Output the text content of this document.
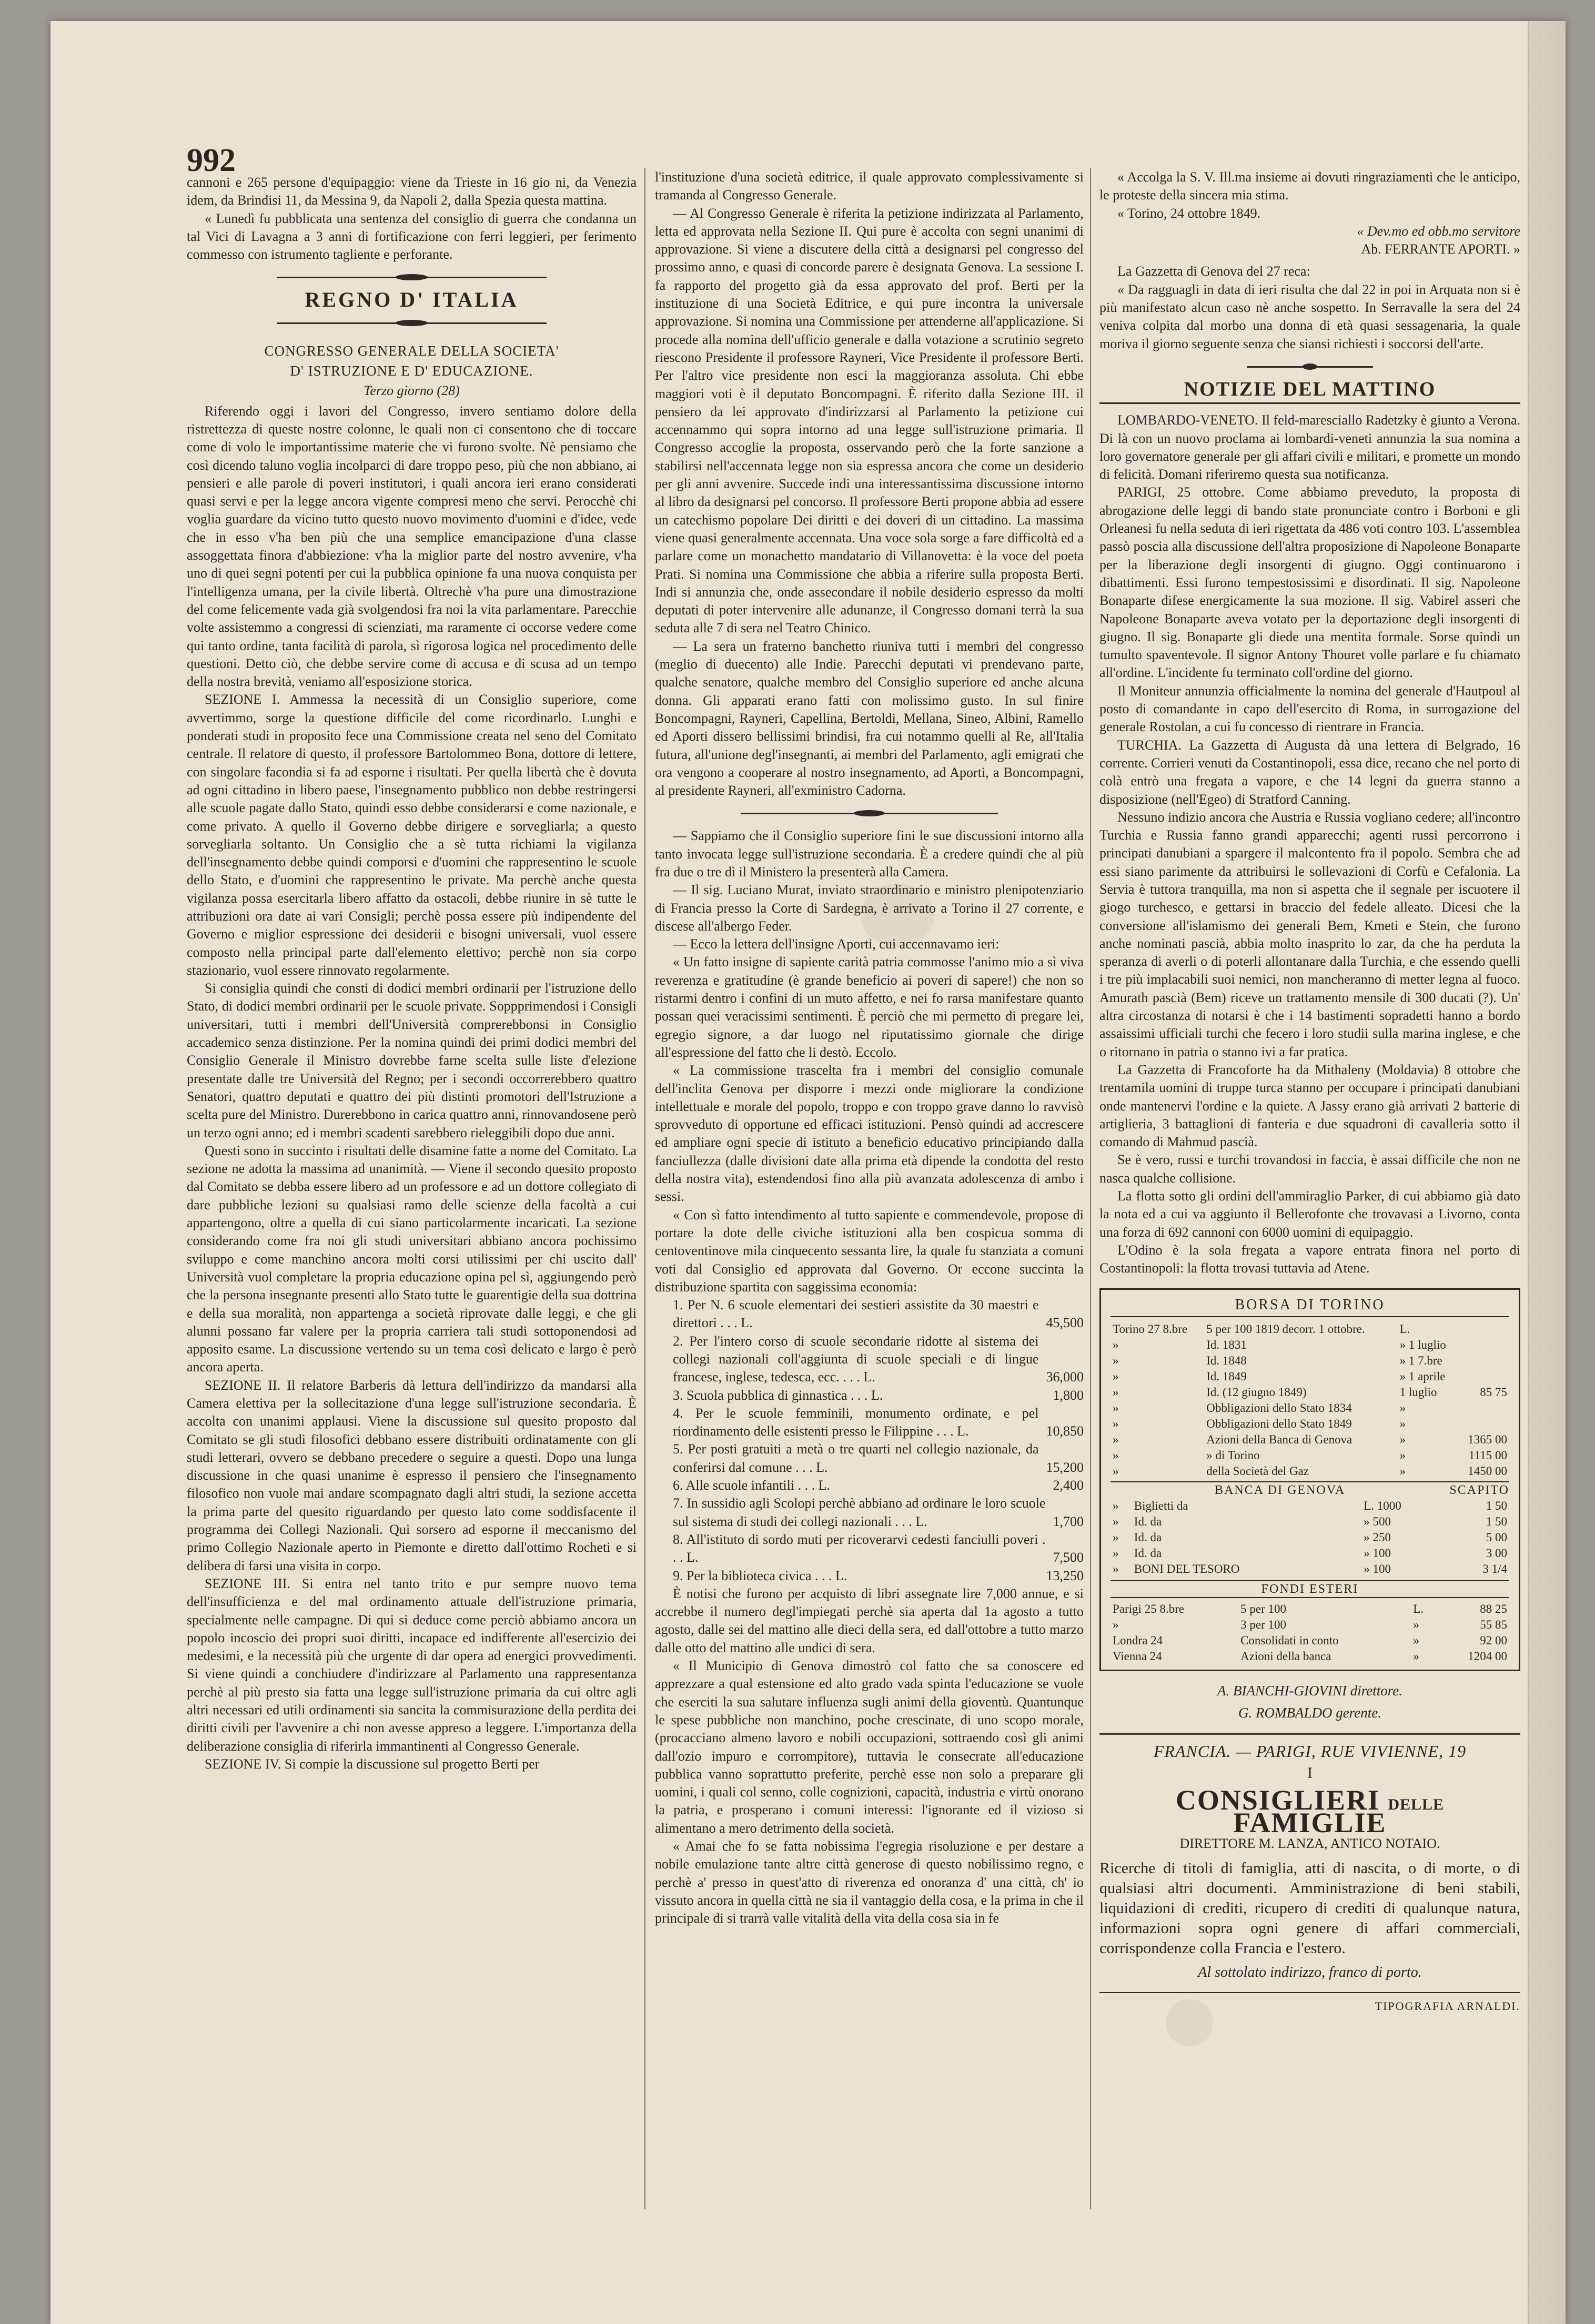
992

cannoni e 265 persone d'equipaggio: viene da Trieste in 16 gio ni, da Venezia idem, da Brindisi 11, da Messina 9, da Napoli 2, dalla Spezia questa mattina.

« Lunedì fu pubblicata una sentenza del consiglio di guerra che condanna un tal Vici di Lavagna a 3 anni di fortificazione con ferri leggieri, per ferimento commesso con istrumento tagliente e perforante.

REGNO D' ITALIA
CONGRESSO GENERALE DELLA SOCIETA'
D' ISTRUZIONE E D' EDUCAZIONE.

Terzo giorno (28)

Riferendo oggi i lavori del Congresso, invero sentiamo dolore della ristrettezza di queste nostre colonne, le quali non ci consentono che di toccare come di volo le importantissime materie che vi furono svolte. Nè pensiamo che così dicendo taluno voglia incolparci di dare troppo peso, più che non abbiano, ai pensieri e alle parole di poveri institutori, i quali ancora ieri erano considerati quasi servi e per la legge ancora vigente compresi meno che servi. Perocchè chi voglia guardare da vicino tutto questo nuovo movimento d'uomini e d'idee, vede che in esso v'ha ben più che una semplice emancipazione d'una classe assoggettata finora d'abbiezione: v'ha la miglior parte del nostro avvenire, v'ha uno di quei segni potenti per cui la pubblica opinione fa una nuova conquista per l'intelligenza umana, per la civile libertà. Oltrechè v'ha pure una dimostrazione del come felicemente vada già svolgendosi fra noi la vita parlamentare. Parecchie volte assistemmo a congressi di scienziati, ma raramente ci occorse vedere come qui tanto ordine, tanta facilità di parola, sì rigorosa logica nel procedimento delle questioni. Detto ciò, che debbe servire come di accusa e di scusa ad un tempo della nostra brevità, veniamo all'esposizione storica.

SEZIONE I. Ammessa la necessità di un Consiglio superiore, come avvertimmo, sorge la questione difficile del come ricordinarlo. Lunghi e ponderati studi in proposito fece una Commissione creata nel seno del Comitato centrale. Il relatore di questo, il professore Bartolommeo Bona, dottore di lettere, con singolare facondia si fa ad esporne i risultati. Per quella libertà che è dovuta ad ogni cittadino in libero paese, l'insegnamento pubblico non debbe restringersi alle scuole pagate dallo Stato, quindi esso debbe considerarsi e come nazionale, e come privato. A quello il Governo debbe dirigere e sorvegliarla; a questo sorvegliarla soltanto. Un Consiglio che a sè tutta richiami la vigilanza dell'insegnamento debbe quindi comporsi e d'uomini che rappresentino le scuole dello Stato, e d'uomini che rappresentino le private. Ma perchè anche questa vigilanza possa esercitarla libero affatto da ostacoli, debbe riunire in sè tutte le attribuzioni ora date ai vari Consigli; perchè possa essere più indipendente del Governo e miglior espressione dei desiderii e bisogni universali, vuol essere composto nella principal parte dall'elemento elettivo; perchè non sia corpo stazionario, vuol essere rinnovato regolarmente.

Si consiglia quindi che consti di dodici membri ordinarii per l'istruzione dello Stato, di dodici membri ordinarii per le scuole private. Soppprimendosi i Consigli universitari, tutti i membri dell'Università comprerebbonsi in Consiglio accademico senza distinzione. Per la nomina quindi dei primi dodici membri del Consiglio Generale il Ministro dovrebbe farne scelta sulle liste d'elezione presentate dalle tre Università del Regno; per i secondi occorrerebbero quattro Senatori, quattro deputati e quattro dei più distinti promotori dell'Istruzione a scelta pure del Ministro. Durerebbono in carica quattro anni, rinnovandosene però un terzo ogni anno; ed i membri scadenti sarebbero rieleggibili dopo due anni.

Questi sono in succinto i risultati delle disamine fatte a nome del Comitato. La sezione ne adotta la massima ad unanimità. — Viene il secondo quesito proposto dal Comitato se debba essere libero ad un professore e ad un dottore collegiato di dare pubbliche lezioni su qualsiasi ramo delle scienze della facoltà a cui appartengono, oltre a quella di cui siano particolarmente incaricati. La sezione considerando come fra noi gli studi universitari abbiano ancora pochissimo sviluppo e come manchino ancora molti corsi utilissimi per chi uscito dall' Università vuol completare la propria educazione opina pel sì, aggiungendo però che la persona insegnante presenti allo Stato tutte le guarentigie della sua dottrina e della sua moralità, non appartenga a società riprovate dalle leggi, e che gli alunni possano far valere per la propria carriera tali studi sottoponendosi ad apposito esame. La discussione vertendo su un tema così delicato e largo è però ancora aperta.

SEZIONE II. Il relatore Barberis dà lettura dell'indirizzo da mandarsi alla Camera elettiva per la sollecitazione d'una legge sull'istruzione secondaria. È accolta con unanimi applausi. Viene la discussione sul quesito proposto dal Comitato se gli studi filosofici debbano essere distribuiti ordinatamente con gli studi letterari, ovvero se debbano precedere o seguire a questi. Dopo una lunga discussione in che quasi unanime è espresso il pensiero che l'insegnamento filosofico non vuole mai andare scompagnato dagli altri studi, la sezione accetta la prima parte del quesito riguardando per questo lato come soddisfacente il programma dei Collegi Nazionali. Qui sorsero ad esporne il meccanismo del primo Collegio Nazionale aperto in Piemonte e diretto dall'ottimo Rocheti e si delibera di farsi una visita in corpo.

SEZIONE III. Si entra nel tanto trito e pur sempre nuovo tema dell'insufficienza e del mal ordinamento attuale dell'istruzione primaria, specialmente nelle campagne. Di qui si deduce come perciò abbiamo ancora un popolo incoscio dei propri suoi diritti, incapace ed indifferente all'esercizio dei medesimi, e la necessità più che urgente di dar opera ad energici provvedimenti. Si viene quindi a conchiudere d'indirizzare al Parlamento una rappresentanza perchè al più presto sia fatta una legge sull'istruzione primaria da cui oltre agli altri necessari ed utili ordinamenti sia sancita la commisurazione della perdita dei diritti civili per l'avvenire a chi non avesse appreso a leggere. L'importanza della deliberazione consiglia di riferirla immantinenti al Congresso Generale.

SEZIONE IV. Si compie la discussione sul progetto Berti per

l'instituzione d'una società editrice, il quale approvato complessivamente si tramanda al Congresso Generale.

— Al Congresso Generale è riferita la petizione indirizzata al Parlamento, letta ed approvata nella Sezione II. Qui pure è accolta con segni unanimi di approvazione. Si viene a discutere della città a designarsi pel congresso del prossimo anno, e quasi di concorde parere è designata Genova. La sessione I. fa rapporto del progetto già da essa approvato del prof. Berti per la instituzione di una Società Editrice, e qui pure incontra la universale approvazione. Si nomina una Commissione per attenderne all'applicazione. Si procede alla nomina dell'ufficio generale e dalla votazione a scrutinio segreto riescono Presidente il professore Rayneri, Vice Presidente il professore Berti. Per l'altro vice presidente non esci la maggioranza assoluta. Chi ebbe maggiori voti è il deputato Boncompagni. È riferito dalla Sezione III. il pensiero da lei approvato d'indirizzarsi al Parlamento la petizione cui accennammo qui sopra intorno ad una legge sull'istruzione primaria. Il Congresso accoglie la proposta, osservando però che la forte sanzione a stabilirsi nell'accennata legge non sia espressa ancora che come un desiderio per gli anni avvenire. Succede indi una interessantissima discussione intorno al libro da designarsi pel concorso. Il professore Berti propone abbia ad essere un catechismo popolare Dei diritti e dei doveri di un cittadino. La massima viene quasi generalmente accennata. Una voce sola sorge a fare difficoltà ed a parlare come un monachetto mandatario di Villanovetta: è la voce del poeta Prati. Si nomina una Commissione che abbia a riferire sulla proposta Berti. Indi si annunzia che, onde assecondare il nobile desiderio espresso da molti deputati di poter intervenire alle adunanze, il Congresso domani terrà la sua seduta alle 7 di sera nel Teatro Chinico.

— La sera un fraterno banchetto riuniva tutti i membri del congresso (meglio di duecento) alle Indie. Parecchi deputati vi prendevano parte, qualche senatore, qualche membro del Consiglio superiore ed anche alcuna donna. Gli apparati erano fatti con molissimo gusto. In sul finire Boncompagni, Rayneri, Capellina, Bertoldi, Mellana, Sineo, Albini, Ramello ed Aporti dissero bellissimi brindisi, fra cui notammo quelli al Re, all'Italia futura, all'unione degl'insegnanti, ai membri del Parlamento, agli emigrati che ora vengono a cooperare al nostro insegnamento, ad Aporti, a Boncompagni, al presidente Rayneri, all'exministro Cadorna.

— Sappiamo che il Consiglio superiore fini le sue discussioni intorno alla tanto invocata legge sull'istruzione secondaria. È a credere quindi che al più fra due o tre dì il Ministero la presenterà alla Camera.

— Il sig. Luciano Murat, inviato straordinario e ministro plenipotenziario di Francia presso la Corte di Sardegna, è arrivato a Torino il 27 corrente, e discese all'albergo Feder.

— Ecco la lettera dell'insigne Aporti, cui accennavamo ieri:

« Un fatto insigne di sapiente carità patria commosse l'animo mio a sì viva reverenza e gratitudine (è grande beneficio ai poveri di sapere!) che non so ristarmi dentro i confini di un muto affetto, e nei fo rarsa manifestare quanto possan quei veracissimi sentimenti. È perciò che mi permetto di pregare lei, egregio signore, a dar luogo nel riputatissimo giornale che dirige all'espressione del fatto che li destò. Eccolo.

« La commissione trascelta fra i membri del consiglio comunale dell'inclita Genova per disporre i mezzi onde migliorare la condizione intellettuale e morale del popolo, troppo e con troppo grave danno lo ravvisò sprovveduto di opportune ed efficaci istituzioni. Pensò quindi ad accrescere ed ampliare ogni specie di istituto a beneficio educativo principiando dalla fanciullezza (dalle divisioni date alla prima età dipende la condotta del resto della nostra vita), estendendosi fino alla più avanzata adolescenza di ambo i sessi.

« Con sì fatto intendimento al tutto sapiente e commendevole, propose di portare la dote delle civiche istituzioni alla ben cospicua somma di centoventinove mila cinquecento sessanta lire, la quale fu stanziata a comuni voti dal Consiglio ed approvata dal Governo. Or eccone succinta la distribuzione spartita con saggissima economia:

1. Per N. 6 scuole elementari dei sestieri assistite da 30 maestri e direttori . . . L.	45,500
2. Per l'intero corso di scuole secondarie ridotte al sistema dei collegi nazionali coll'aggiunta di scuole speciali e di lingue francese, inglese, tedesca, ecc. . . . L.	36,000
3. Scuola pubblica di ginnastica . . . L.	1,800
4. Per le scuole femminili, monumento ordinate, e pel riordinamento delle esistenti presso le Filippine . . . L.	10,850
5. Per posti gratuiti a metà o tre quarti nel collegio nazionale, da conferirsi dal comune . . . L.	15,200
6. Alle scuole infantili . . . L.	2,400
7. In sussidio agli Scolopi perchè abbiano ad ordinare le loro scuole sul sistema di studi dei collegi nazionali . . . L.	1,700
8. All'istituto di sordo muti per ricoverarvi cedesti fanciulli poveri . . . L.	7,500
9. Per la biblioteca civica . . . L.	13,250

È notisi che furono per acquisto di libri assegnate lire 7,000 annue, e si accrebbe il numero degl'impiegati perchè sia aperta dal 1a agosto a tutto agosto, dalle sei del mattino alle dieci della sera, ed dall'ottobre a tutto marzo dalle otto del mattino alle undici di sera.

« Il Municipio di Genova dimostrò col fatto che sa conoscere ed apprezzare a qual estensione ed alto grado vada spinta l'educazione se vuole che eserciti la sua salutare influenza sugli animi della gioventù. Quantunque le spese pubbliche non manchino, poche crescinate, di uno scopo morale, (procacciano almeno lavoro e nobili occupazioni, sottraendo così gli animi dall'ozio impuro e corrompitore), tuttavia le consecrate all'educazione pubblica vanno soprattutto preferite, perchè esse non solo a preparare gli uomini, i quali col senno, colle cognizioni, capacità, industria e virtù onorano la patria, e prosperano i comuni interessi: l'ignorante ed il vizioso si alimentano a mero detrimento della società.

« Amai che fo se fatta nobissima l'egregia risoluzione e per destare a nobile emulazione tante altre città generose di questo nobilissimo regno, e perchè a' presso in quest'atto di riverenza ed onoranza d' una città, ch' io vissuto ancora in quella città ne sia il vantaggio della cosa, e la prima in che il principale di si trarrà valle vitalità della vita della cosa sia in fe

« Accolga la S. V. Ill.ma insieme ai dovuti ringraziamenti che le anticipo, le proteste della sincera mia stima.

« Torino, 24 ottobre 1849.

« Dev.mo ed obb.mo servitore

Ab. FERRANTE APORTI. »

La Gazzetta di Genova del 27 reca:

« Da ragguagli in data di ieri risulta che dal 22 in poi in Arquata non si è più manifestato alcun caso nè anche sospetto. In Serravalle la sera del 24 veniva colpita dal morbo una donna di età quasi sessagenaria, la quale moriva il giorno seguente senza che siansi richiesti i soccorsi dell'arte.

NOTIZIE DEL MATTINO

LOMBARDO-VENETO. Il feld-maresciallo Radetzky è giunto a Verona. Di là con un nuovo proclama ai lombardi-veneti annunzia la sua nomina a loro governatore generale per gli affari civili e militari, e promette un mondo di felicità. Domani riferiremo questa sua notificanza.

PARIGI, 25 ottobre. Come abbiamo preveduto, la proposta di abrogazione delle leggi di bando state pronunciate contro i Borboni e gli Orleanesi fu nella seduta di ieri rigettata da 486 voti contro 103. L'assemblea passò poscia alla discussione dell'altra proposizione di Napoleone Bonaparte per la liberazione degli insorgenti di giugno. Oggi continuarono i dibattimenti. Essi furono tempestosissimi e disordinati. Il sig. Napoleone Bonaparte difese energicamente la sua mozione. Il sig. Vabirel asseri che Napoleone Bonaparte aveva votato per la deportazione degli insorgenti di giugno. Il sig. Bonaparte gli diede una mentita formale. Sorse quindi un tumulto spaventevole. Il signor Antony Thouret volle parlare e fu chiamato all'ordine. L'incidente fu terminato coll'ordine del giorno.

Il Moniteur annunzia officialmente la nomina del generale d'Hautpoul al posto di comandante in capo dell'esercito di Roma, in surrogazione del generale Rostolan, a cui fu concesso di rientrare in Francia.

TURCHIA. La Gazzetta di Augusta dà una lettera di Belgrado, 16 corrente. Corrieri venuti da Costantinopoli, essa dice, recano che nel porto di colà entrò una fregata a vapore, e che 14 legni da guerra stanno a disposizione (nell'Egeo) di Stratford Canning.

Nessuno indizio ancora che Austria e Russia vogliano cedere; all'incontro Turchia e Russia fanno grandi apparecchi; agenti russi percorrono i principati danubiani a spargere il malcontento fra il popolo. Sembra che ad essi siano parimente da attribuirsi le sollevazioni di Corfù e Cefalonia. La Servia è tuttora tranquilla, ma non si aspetta che il segnale per iscuotere il giogo turchesco, e gettarsi in braccio del fedele alleato. Dicesi che la conversione all'islamismo dei generali Bem, Kmeti e Stein, che furono anche nominati pascià, abbia molto inasprito lo zar, da che ha perduta la speranza di averli o di poterli allontanare dalla Turchia, e che essendo quelli i tre più implacabili suoi nemici, non mancheranno di metter legna al fuoco. Amurath pascià (Bem) riceve un trattamento mensile di 300 ducati (?). Un' altra circostanza di notarsi è che i 14 bastimenti sopradetti hanno a bordo assaissimi ufficiali turchi che fecero i loro studii sulla marina inglese, e che o ritornano in patria o stanno ivi a far pratica.

La Gazzetta di Francoforte ha da Mithaleny (Moldavia) 8 ottobre che trentamila uomini di truppe turca stanno per occupare i principati danubiani onde mantenervi l'ordine e la quiete. A Jassy erano già arrivati 2 batterie di artiglieria, 3 battaglioni di fanteria e due squadroni di cavalleria sotto il comando di Mahmud pascià.

Se è vero, russi e turchi trovandosi in faccia, è assai difficile che non ne nasca qualche collisione.

La flotta sotto gli ordini dell'ammiraglio Parker, di cui abbiamo già dato la nota ed a cui va aggiunto il Bellerofonte che trovavasi a Livorno, conta una forza di 692 cannoni con 6000 uomini di equipaggio.

L'Odino è la sola fregata a vapore entrata finora nel porto di Costantinopoli: la flotta trovasi tuttavia ad Atene.

BORSA DI TORINO
Torino 27 8.bre	5 per 100 1819 decorr. 1 ottobre.	L.	
»	Id. 1831	» 1 luglio	
»	Id. 1848	» 1 7.bre	
»	Id. 1849	» 1 aprile	
»	Id. (12 giugno 1849)	1 luglio	85 75
»	Obbligazioni dello Stato 1834	»	
»	Obbligazioni dello Stato 1849	»	
»	Azioni della Banca di Genova	»	1365 00
»	» di Torino	»	1115 00
»	della Società del Gaz	»	1450 00
BANCA DI GENOVA	SCAPITO
»	Biglietti da	L. 1000	1 50
»	Id. da	» 500	1 50
»	Id. da	» 250	5 00
»	Id. da	» 100	3 00
»	BONI DEL TESORO	» 100	3 1/4
FONDI ESTERI
Parigi 25 8.bre	5 per 100	L.	88 25
»	3 per 100	»	55 85
Londra 24	Consolidati in conto	»	92 00
Vienna 24	Azioni della banca	»	1204 00
A. BIANCHI-GIOVINI direttore.
G. ROMBALDO gerente.
FRANCIA. — PARIGI, RUE VIVIENNE, 19
I
CONSIGLIERI DELLE FAMIGLIE
DIRETTORE M. LANZA, ANTICO NOTAIO.
Ricerche di titoli di famiglia, atti di nascita, o di morte, o di qualsiasi altri documenti. Amministrazione di beni stabili, liquidazioni di crediti, ricupero di crediti di qualunque natura, informazioni sopra ogni genere di affari commerciali, corrispondenze colla Francia e l'estero.
Al sottolato indirizzo, franco di porto.
TIPOGRAFIA ARNALDI.
